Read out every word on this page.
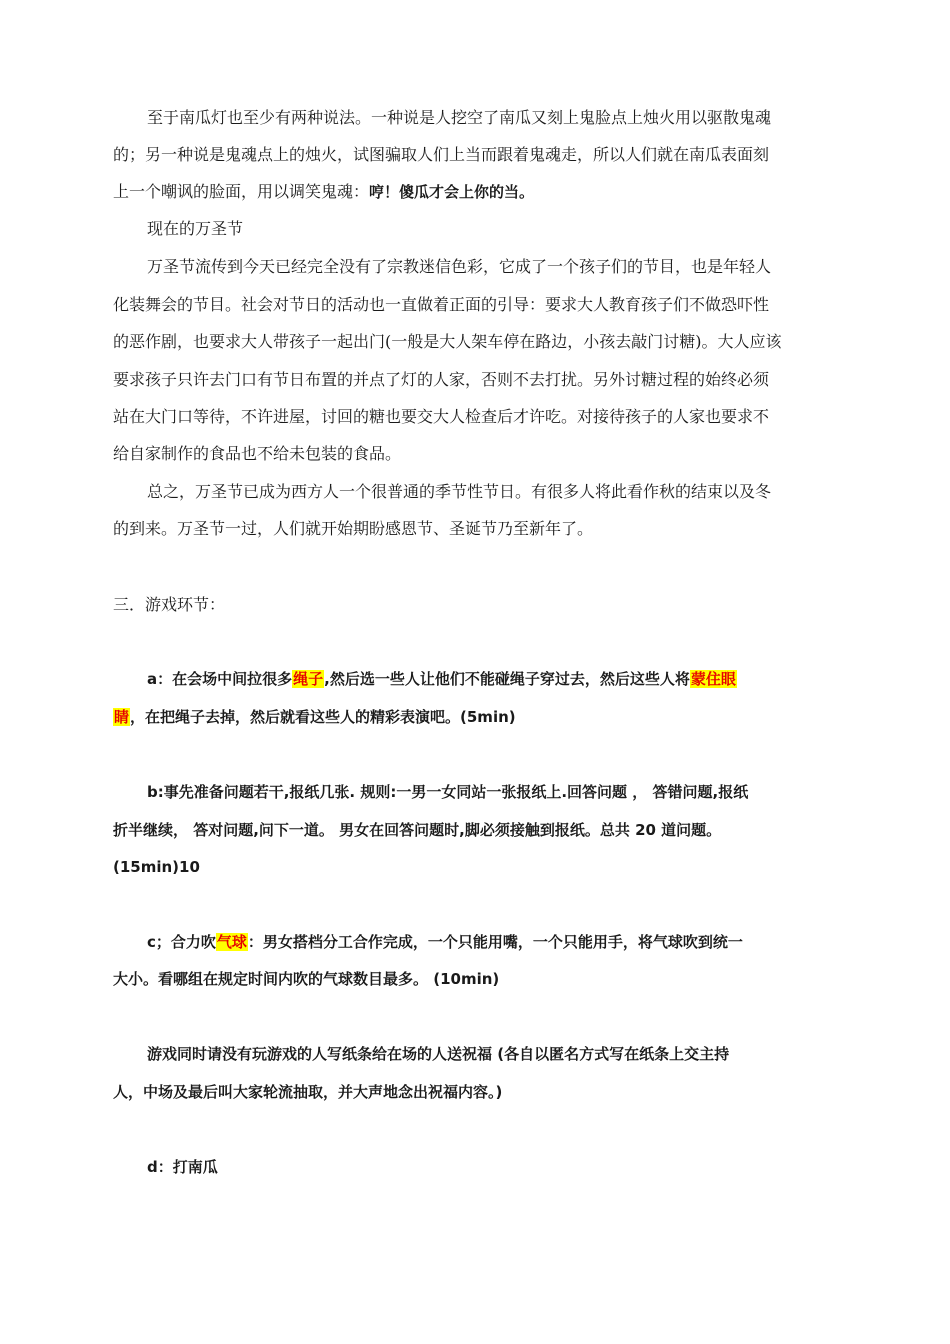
至于南瓜灯也至少有两种说法。一种说是人挖空了南瓜又刻上鬼脸点上烛火用以驱散鬼魂
的；另一种说是鬼魂点上的烛火，试图骗取人们上当而跟着鬼魂走，所以人们就在南瓜表面刻
上一个嘲讽的脸面，用以调笑鬼魂：哼！傻瓜才会上你的当。
现在的万圣节
万圣节流传到今天已经完全没有了宗教迷信色彩，它成了一个孩子们的节目，也是年轻人
化装舞会的节目。社会对节日的活动也一直做着正面的引导：要求大人教育孩子们不做恐吓性
的恶作剧，也要求大人带孩子一起出门(一般是大人架车停在路边，小孩去敲门讨糖)。大人应该
要求孩子只许去门口有节日布置的并点了灯的人家，否则不去打扰。另外讨糖过程的始终必须
站在大门口等待，不许进屋，讨回的糖也要交大人检查后才许吃。对接待孩子的人家也要求不
给自家制作的食品也不给未包装的食品。
总之，万圣节已成为西方人一个很普通的季节性节日。有很多人将此看作秋的结束以及冬
的到来。万圣节一过，人们就开始期盼感恩节、圣诞节乃至新年了。
三．游戏环节：
a：在会场中间拉很多绳子,然后选一些人让他们不能碰绳子穿过去，然后这些人将蒙住眼
睛，在把绳子去掉，然后就看这些人的精彩表演吧。(5min)
b:事先准备问题若干,报纸几张. 规则:一男一女同站一张报纸上.回答问题 ， 答错问题,报纸
折半继续， 答对问题,问下一道。 男女在回答问题时,脚必须接触到报纸。总共 20 道问题。
(15min)10
c；合力吹气球：男女搭档分工合作完成，一个只能用嘴，一个只能用手，将气球吹到统一
大小。看哪组在规定时间内吹的气球数目最多。 (10min)
游戏同时请没有玩游戏的人写纸条给在场的人送祝福 (各自以匿名方式写在纸条上交主持
人，中场及最后叫大家轮流抽取，并大声地念出祝福内容。)
d：打南瓜
